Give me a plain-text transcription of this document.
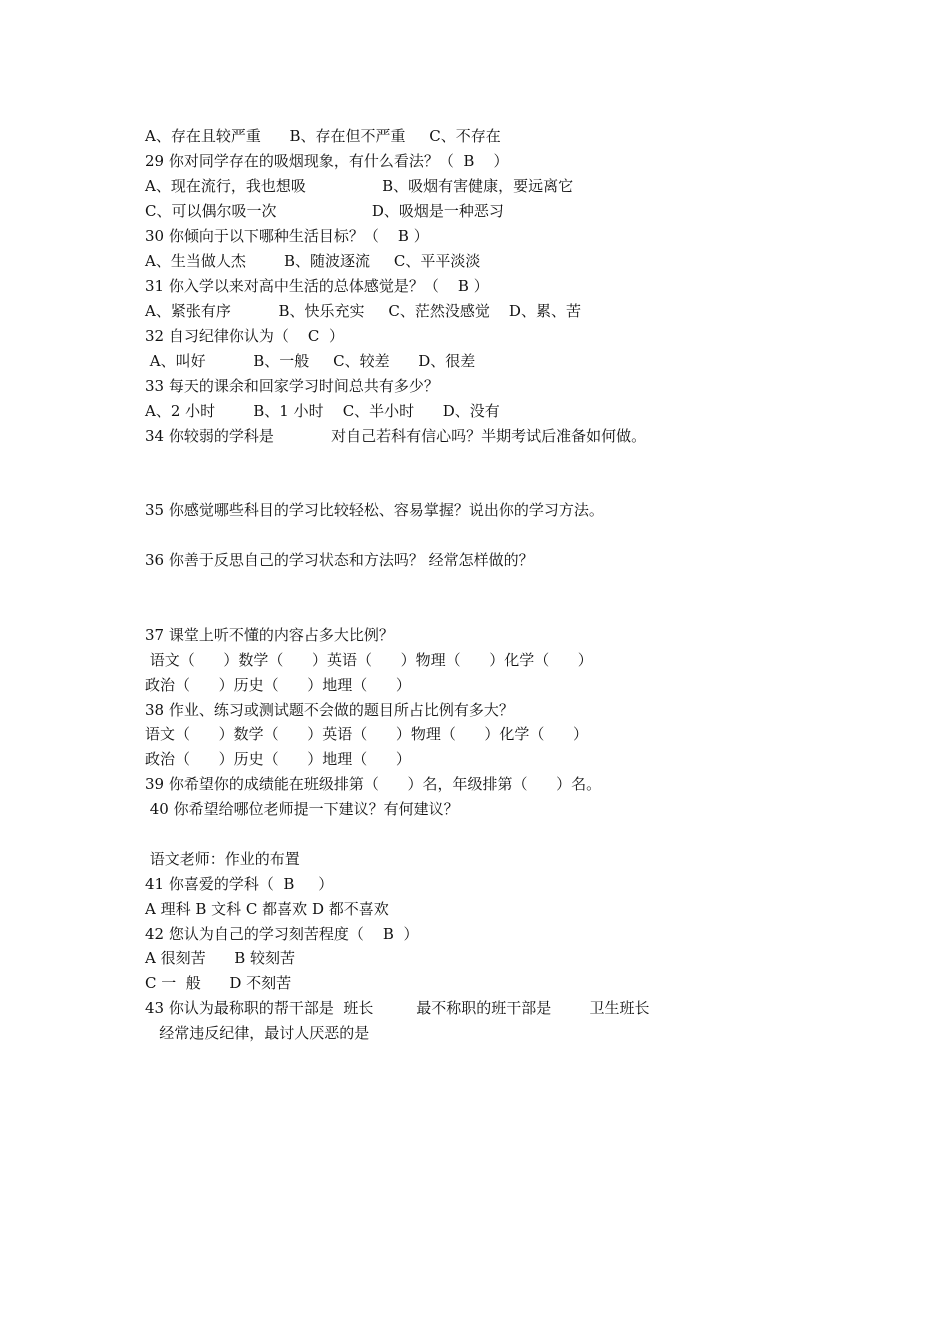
A、存在且较严重      B、存在但不严重     C、不存在
29 你对同学存在的吸烟现象，有什么看法？（  B    ）
A、现在流行，我也想吸                B、吸烟有害健康，要远离它
C、可以偶尔吸一次                    D、吸烟是一种恶习
30 你倾向于以下哪种生活目标？（    B ）
A、生当做人杰        B、随波逐流     C、平平淡淡
31 你入学以来对高中生活的总体感觉是？（    B ）
A、紧张有序          B、快乐充实     C、茫然没感觉    D、累、苦
32 自习纪律你认为（    C  ）
A、叫好          B、一般     C、较差      D、很差
33 每天的课余和回家学习时间总共有多少？
A、2 小时        B、1 小时    C、半小时      D、没有
34 你较弱的学科是            对自己若科有信心吗？半期考试后准备如何做。
35 你感觉哪些科目的学习比较轻松、容易掌握？说出你的学习方法。
36 你善于反思自己的学习状态和方法吗？ 经常怎样做的？
37 课堂上听不懂的内容占多大比例？
语文（      ）数学（      ）英语（      ）物理（      ）化学（      ）
政治（      ）历史（      ）地理（      ）
38 作业、练习或测试题不会做的题目所占比例有多大？
语文（      ）数学（      ）英语（      ）物理（      ）化学（      ）
政治（      ）历史（      ）地理（      ）
39 你希望你的成绩能在班级排第（      ）名，年级排第（      ）名。
40 你希望给哪位老师提一下建议？有何建议？
语文老师：作业的布置
41 你喜爱的学科（  B     ）
A 理科 B 文科 C 都喜欢 D 都不喜欢
42 您认为自己的学习刻苦程度（    B  ）
A 很刻苦      B 较刻苦
C 一  般      D 不刻苦
43 你认为最称职的帮干部是  班长         最不称职的班干部是        卫生班长
经常违反纪律，最讨人厌恶的是
